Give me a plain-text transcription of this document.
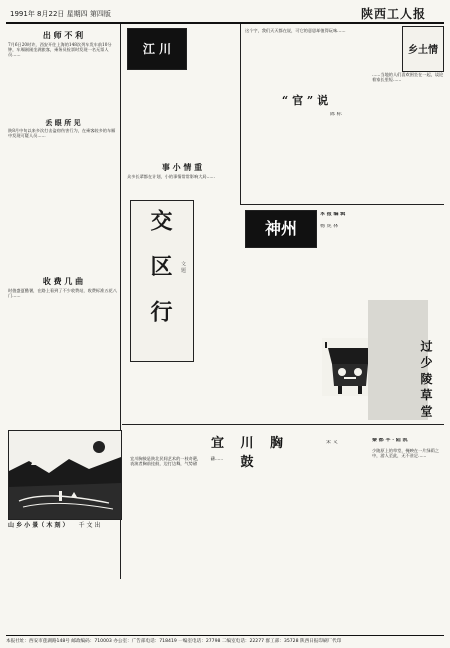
1991年 8月22日 星期四 第四版	陕西工人报
出 师 不 利
7月6日20时许，西安开往上海的148次列车发车前10分钟，车厢刚刚坐满旅客，乘务员检票时发现一名无票人员……
丢 眼 所 见
陕8月中旬以来多次打击盗窃伤害行为，在乘客较多的车厢中发现可疑人员……
收 费 几 曲
时值盛夏酷暑，在路上看到了不少收费站，收费标准五花八门……
山 乡 小 景（ 木 刻 ） 千 文 出
江 川
事 小 情 重
众多长辈都在计划，小的事情常常影响大局……
交 区 行	文 题
“ 官 ” 说
陈 标
这个字，我们天天都在说，可它的意思却值得玩味……
乡土情
……当地的人们喜欢围坐在一起，谈论着家长里短……
神州
本 报 编 辑
杨 虎 林
过 少 陵 草 堂
秦 都 平 · 陆 凯
少陵原上的草堂，掩映在一片绿荫之中，游人至此，无不驻足……
宜 川 胸 鼓
宋 文
宜川胸鼓是陕北民间艺术的一枝奇葩，表演者胸前挂鼓，边打边舞，气势磅礴……
本报社址：西安市莲湖路148号 邮政编码：710003 办公室：广告部电话：718419 一编室电话：27798 二编室电话：22277 群工部：35728 陕西日报印刷厂代印
